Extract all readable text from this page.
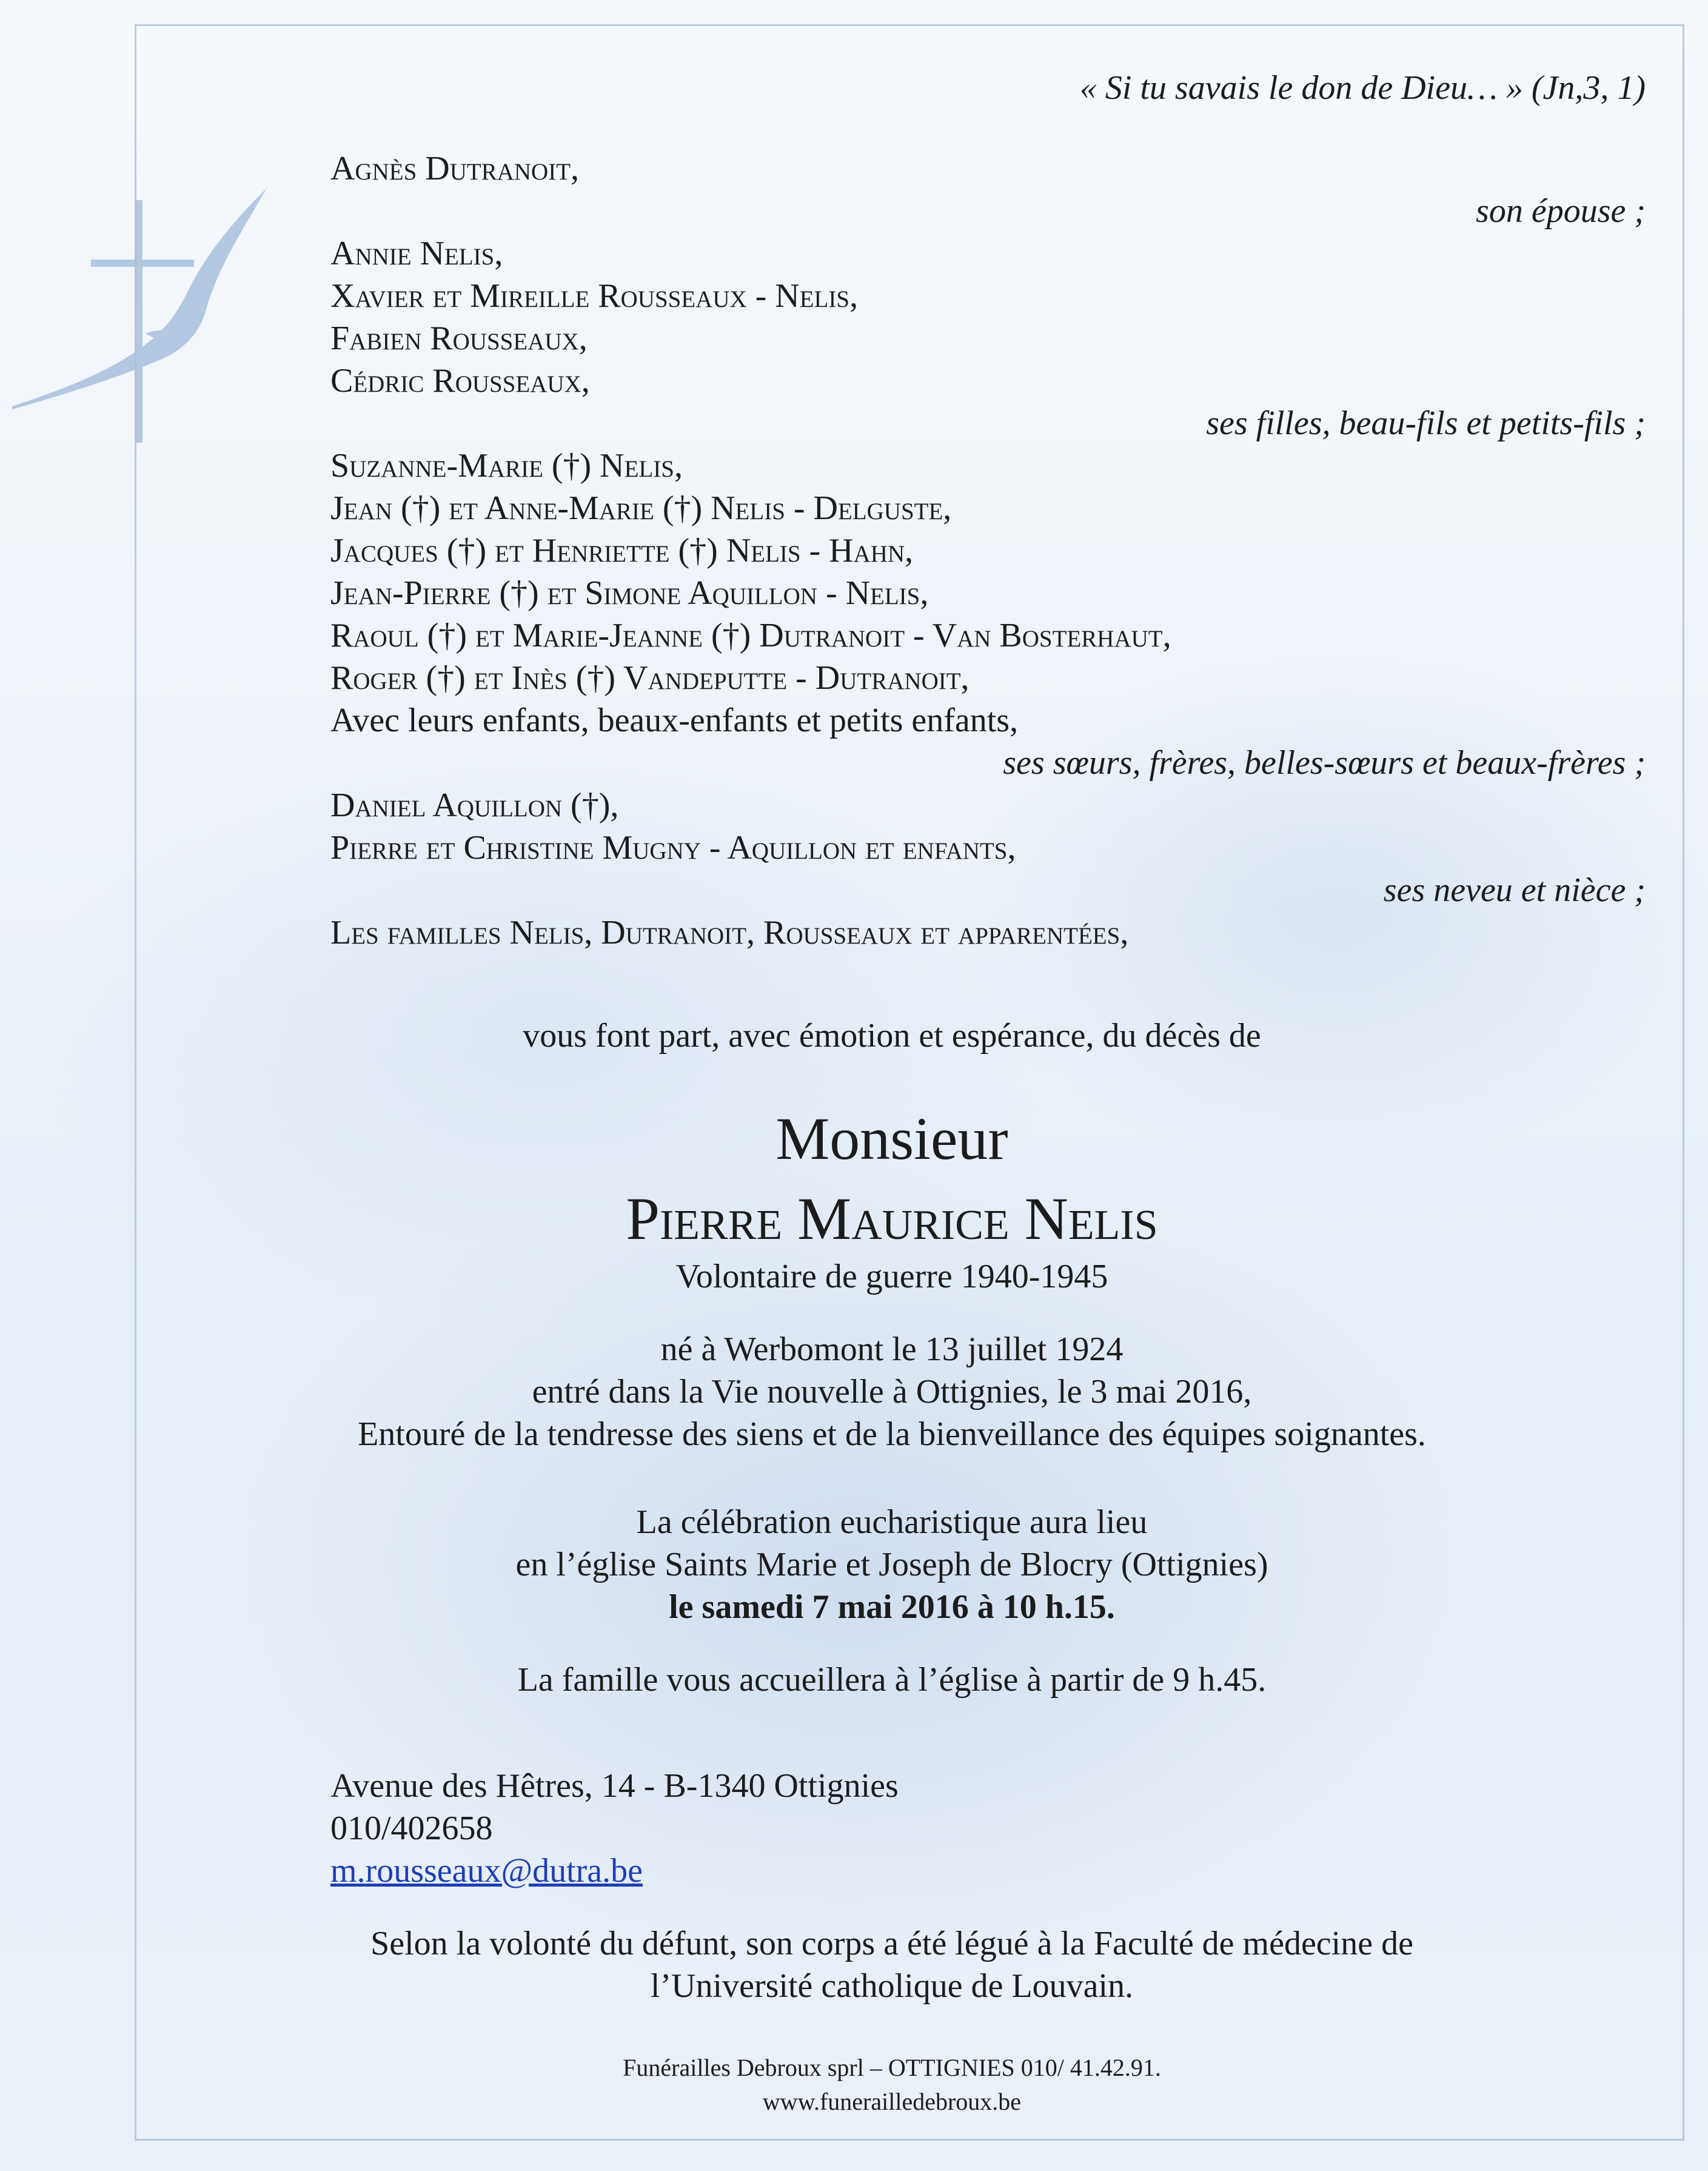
« Si tu savais le don de Dieu… » (Jn,3, 1)
Agnès Dutranoit,
son épouse ;
Annie Nelis,
Xavier et Mireille Rousseaux - Nelis,
Fabien Rousseaux,
Cédric Rousseaux,
ses filles, beau-fils et petits-fils ;
Suzanne-Marie (†) Nelis,
Jean (†) et Anne-Marie (†) Nelis - Delguste,
Jacques (†) et Henriette (†) Nelis - Hahn,
Jean-Pierre (†) et Simone Aquillon - Nelis,
Raoul (†) et Marie-Jeanne (†) Dutranoit - Van Bosterhaut,
Roger (†) et Inès (†) Vandeputte - Dutranoit,
Avec leurs enfants, beaux-enfants et petits enfants,
ses sœurs, frères, belles-sœurs et beaux-frères ;
Daniel Aquillon (†),
Pierre et Christine Mugny - Aquillon et enfants,
ses neveu et nièce ;
Les familles Nelis, Dutranoit, Rousseaux et apparentées,
vous font part, avec émotion et espérance, du décès de
Monsieur
Pierre Maurice Nelis
Volontaire de guerre 1940-1945
né à Werbomont le 13 juillet 1924
entré dans la Vie nouvelle à Ottignies, le 3 mai 2016,
Entouré de la tendresse des siens et de la bienveillance des équipes soignantes.
La célébration eucharistique aura lieu
en l’église Saints Marie et Joseph de Blocry (Ottignies)
le samedi 7 mai 2016 à 10 h.15.
La famille vous accueillera à l’église à partir de 9 h.45.
Avenue des Hêtres, 14 - B-1340 Ottignies
010/402658
m.rousseaux@dutra.be
Selon la volonté du défunt, son corps a été légué à la Faculté de médecine de
l’Université catholique de Louvain.
Funérailles Debroux sprl – OTTIGNIES 010/ 41.42.91.
www.funerailledebroux.be
